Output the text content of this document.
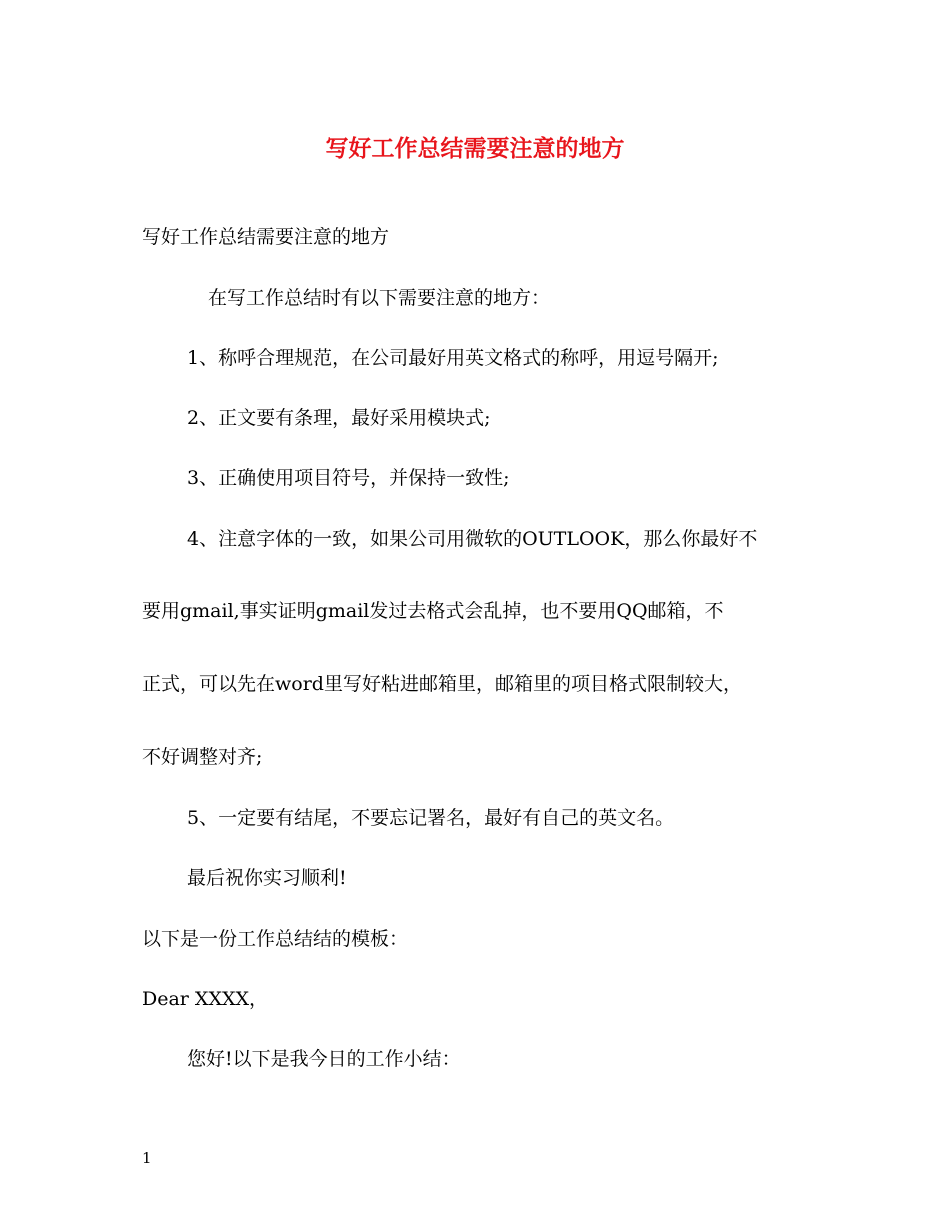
写好工作总结需要注意的地方
写好工作总结需要注意的地方
在写工作总结时有以下需要注意的地方：
1、称呼合理规范，在公司最好用英文格式的称呼，用逗号隔开;
2、正文要有条理，最好采用模块式;
3、正确使用项目符号，并保持一致性;
4、注意字体的一致，如果公司用微软的OUTLOOK，那么你最好不
要用gmail,事实证明gmail发过去格式会乱掉，也不要用QQ邮箱，不
正式，可以先在word里写好粘进邮箱里，邮箱里的项目格式限制较大，
不好调整对齐;
5、一定要有结尾，不要忘记署名，最好有自己的英文名。
最后祝你实习顺利!
以下是一份工作总结结的模板：
Dear XXXX，
您好!以下是我今日的工作小结：
1
